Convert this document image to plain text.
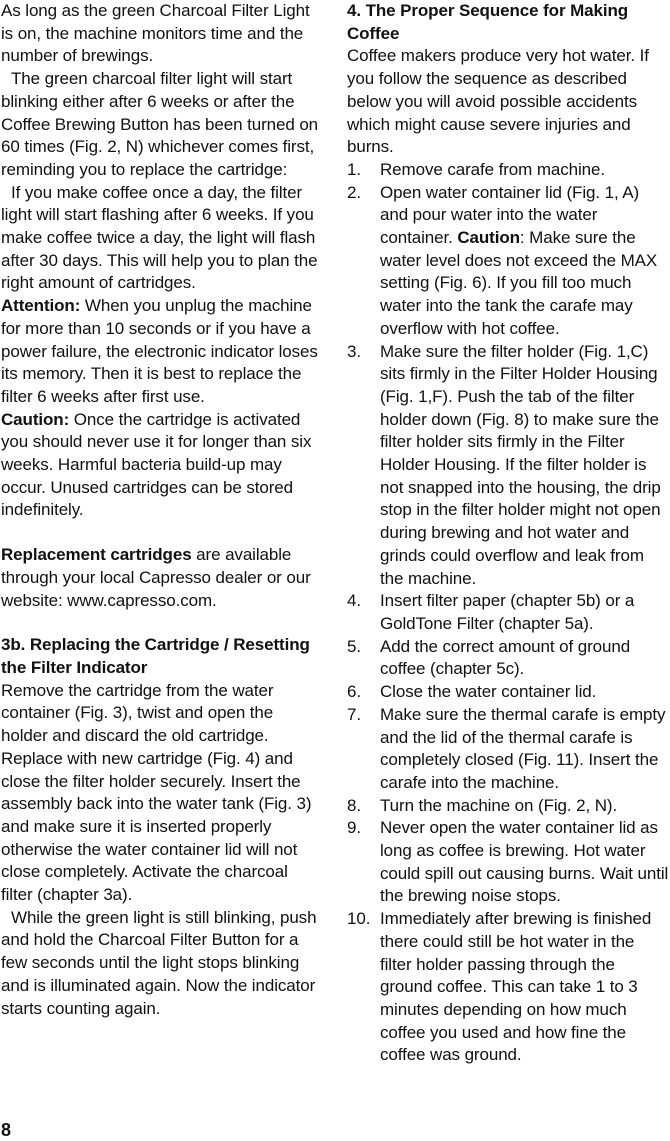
As long as the green Charcoal Filter Light is on, the machine monitors time and the number of brewings.

The green charcoal filter light will start blinking either after 6 weeks or after the Coffee Brewing Button has been turned on 60 times (Fig. 2, N) whichever comes first, reminding you to replace the cartridge:

If you make coffee once a day, the filter light will start flashing after 6 weeks. If you make coffee twice a day, the light will flash after 30 days. This will help you to plan the right amount of cartridges.

Attention: When you unplug the machine for more than 10 seconds or if you have a power failure, the electronic indicator loses its memory. Then it is best to replace the filter 6 weeks after first use.

Caution: Once the cartridge is activated you should never use it for longer than six weeks. Harmful bacteria build-up may occur. Unused cartridges can be stored indefinitely.

Replacement cartridges are available through your local Capresso dealer or our website: www.capresso.com.

3b. Replacing the Cartridge / Resetting the Filter Indicator

Remove the cartridge from the water container (Fig. 3), twist and open the holder and discard the old cartridge. Replace with new cartridge (Fig. 4) and close the filter holder securely. Insert the assembly back into the water tank (Fig. 3) and make sure it is inserted properly otherwise the water container lid will not close completely. Activate the charcoal filter (chapter 3a).

While the green light is still blinking, push and hold the Charcoal Filter Button for a few seconds until the light stops blinking and is illuminated again. Now the indicator starts counting again.

4. The Proper Sequence for Making Coffee

Coffee makers produce very hot water. If you follow the sequence as described below you will avoid possible accidents which might cause severe injuries and burns.

1. Remove carafe from machine.
2. Open water container lid (Fig. 1, A) and pour water into the water container. Caution: Make sure the water level does not exceed the MAX setting (Fig. 6). If you fill too much water into the tank the carafe may overflow with hot coffee.
3. Make sure the filter holder (Fig. 1,C) sits firmly in the Filter Holder Housing (Fig. 1,F). Push the tab of the filter holder down (Fig. 8) to make sure the filter holder sits firmly in the Filter Holder Housing. If the filter holder is not snapped into the housing, the drip stop in the filter holder might not open during brewing and hot water and grinds could overflow and leak from the machine.
4. Insert filter paper (chapter 5b) or a GoldTone Filter (chapter 5a).
5. Add the correct amount of ground coffee (chapter 5c).
6. Close the water container lid.
7. Make sure the thermal carafe is empty and the lid of the thermal carafe is completely closed (Fig. 11). Insert the carafe into the machine.
8. Turn the machine on (Fig. 2, N).
9. Never open the water container lid as long as coffee is brewing. Hot water could spill out causing burns. Wait until the brewing noise stops.
10. Immediately after brewing is finished there could still be hot water in the filter holder passing through the ground coffee. This can take 1 to 3 minutes depending on how much coffee you used and how fine the coffee was ground.
8
